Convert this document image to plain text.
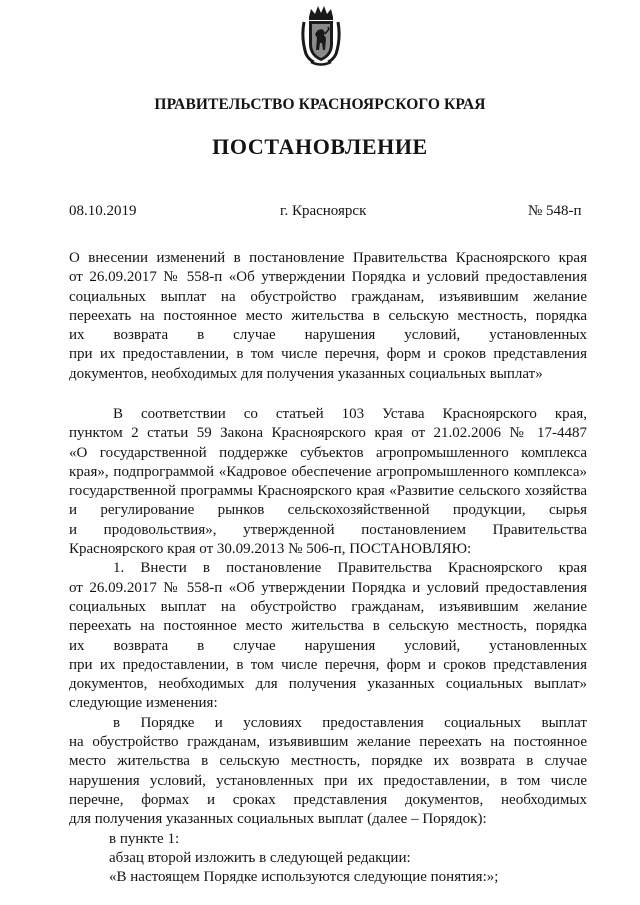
ПРАВИТЕЛЬСТВО КРАСНОЯРСКОГО КРАЯ
ПОСТАНОВЛЕНИЕ
08.10.2019	г. Красноярск	№ 548-п
О внесении изменений в постановление Правительства Красноярского края
от 26.09.2017 № 558-п «Об утверждении Порядка и условий предоставления
социальных выплат на обустройство гражданам, изъявившим желание
переехать на постоянное место жительства в сельскую местность, порядка
их возврата в случае нарушения условий, установленных
при их предоставлении, в том числе перечня, форм и сроков представления
документов, необходимых для получения указанных социальных выплат»
В соответствии со статьей 103 Устава Красноярского края,
пунктом 2 статьи 59 Закона Красноярского края от 21.02.2006 № 17-4487
«О государственной поддержке субъектов агропромышленного комплекса
края», подпрограммой «Кадровое обеспечение агропромышленного комплекса»
государственной программы Красноярского края «Развитие сельского хозяйства
и регулирование рынков сельскохозяйственной продукции, сырья
и продовольствия», утвержденной постановлением Правительства
Красноярского края от 30.09.2013 № 506-п, ПОСТАНОВЛЯЮ:
1. Внести в постановление Правительства Красноярского края
от 26.09.2017 № 558-п «Об утверждении Порядка и условий предоставления
социальных выплат на обустройство гражданам, изъявившим желание
переехать на постоянное место жительства в сельскую местность, порядка
их возврата в случае нарушения условий, установленных
при их предоставлении, в том числе перечня, форм и сроков представления
документов, необходимых для получения указанных социальных выплат»
следующие изменения:
в Порядке и условиях предоставления социальных выплат
на обустройство гражданам, изъявившим желание переехать на постоянное
место жительства в сельскую местность, порядке их возврата в случае
нарушения условий, установленных при их предоставлении, в том числе
перечне, формах и сроках представления документов, необходимых
для получения указанных социальных выплат (далее – Порядок):
в пункте 1:
абзац второй изложить в следующей редакции:
«В настоящем Порядке используются следующие понятия:»;
